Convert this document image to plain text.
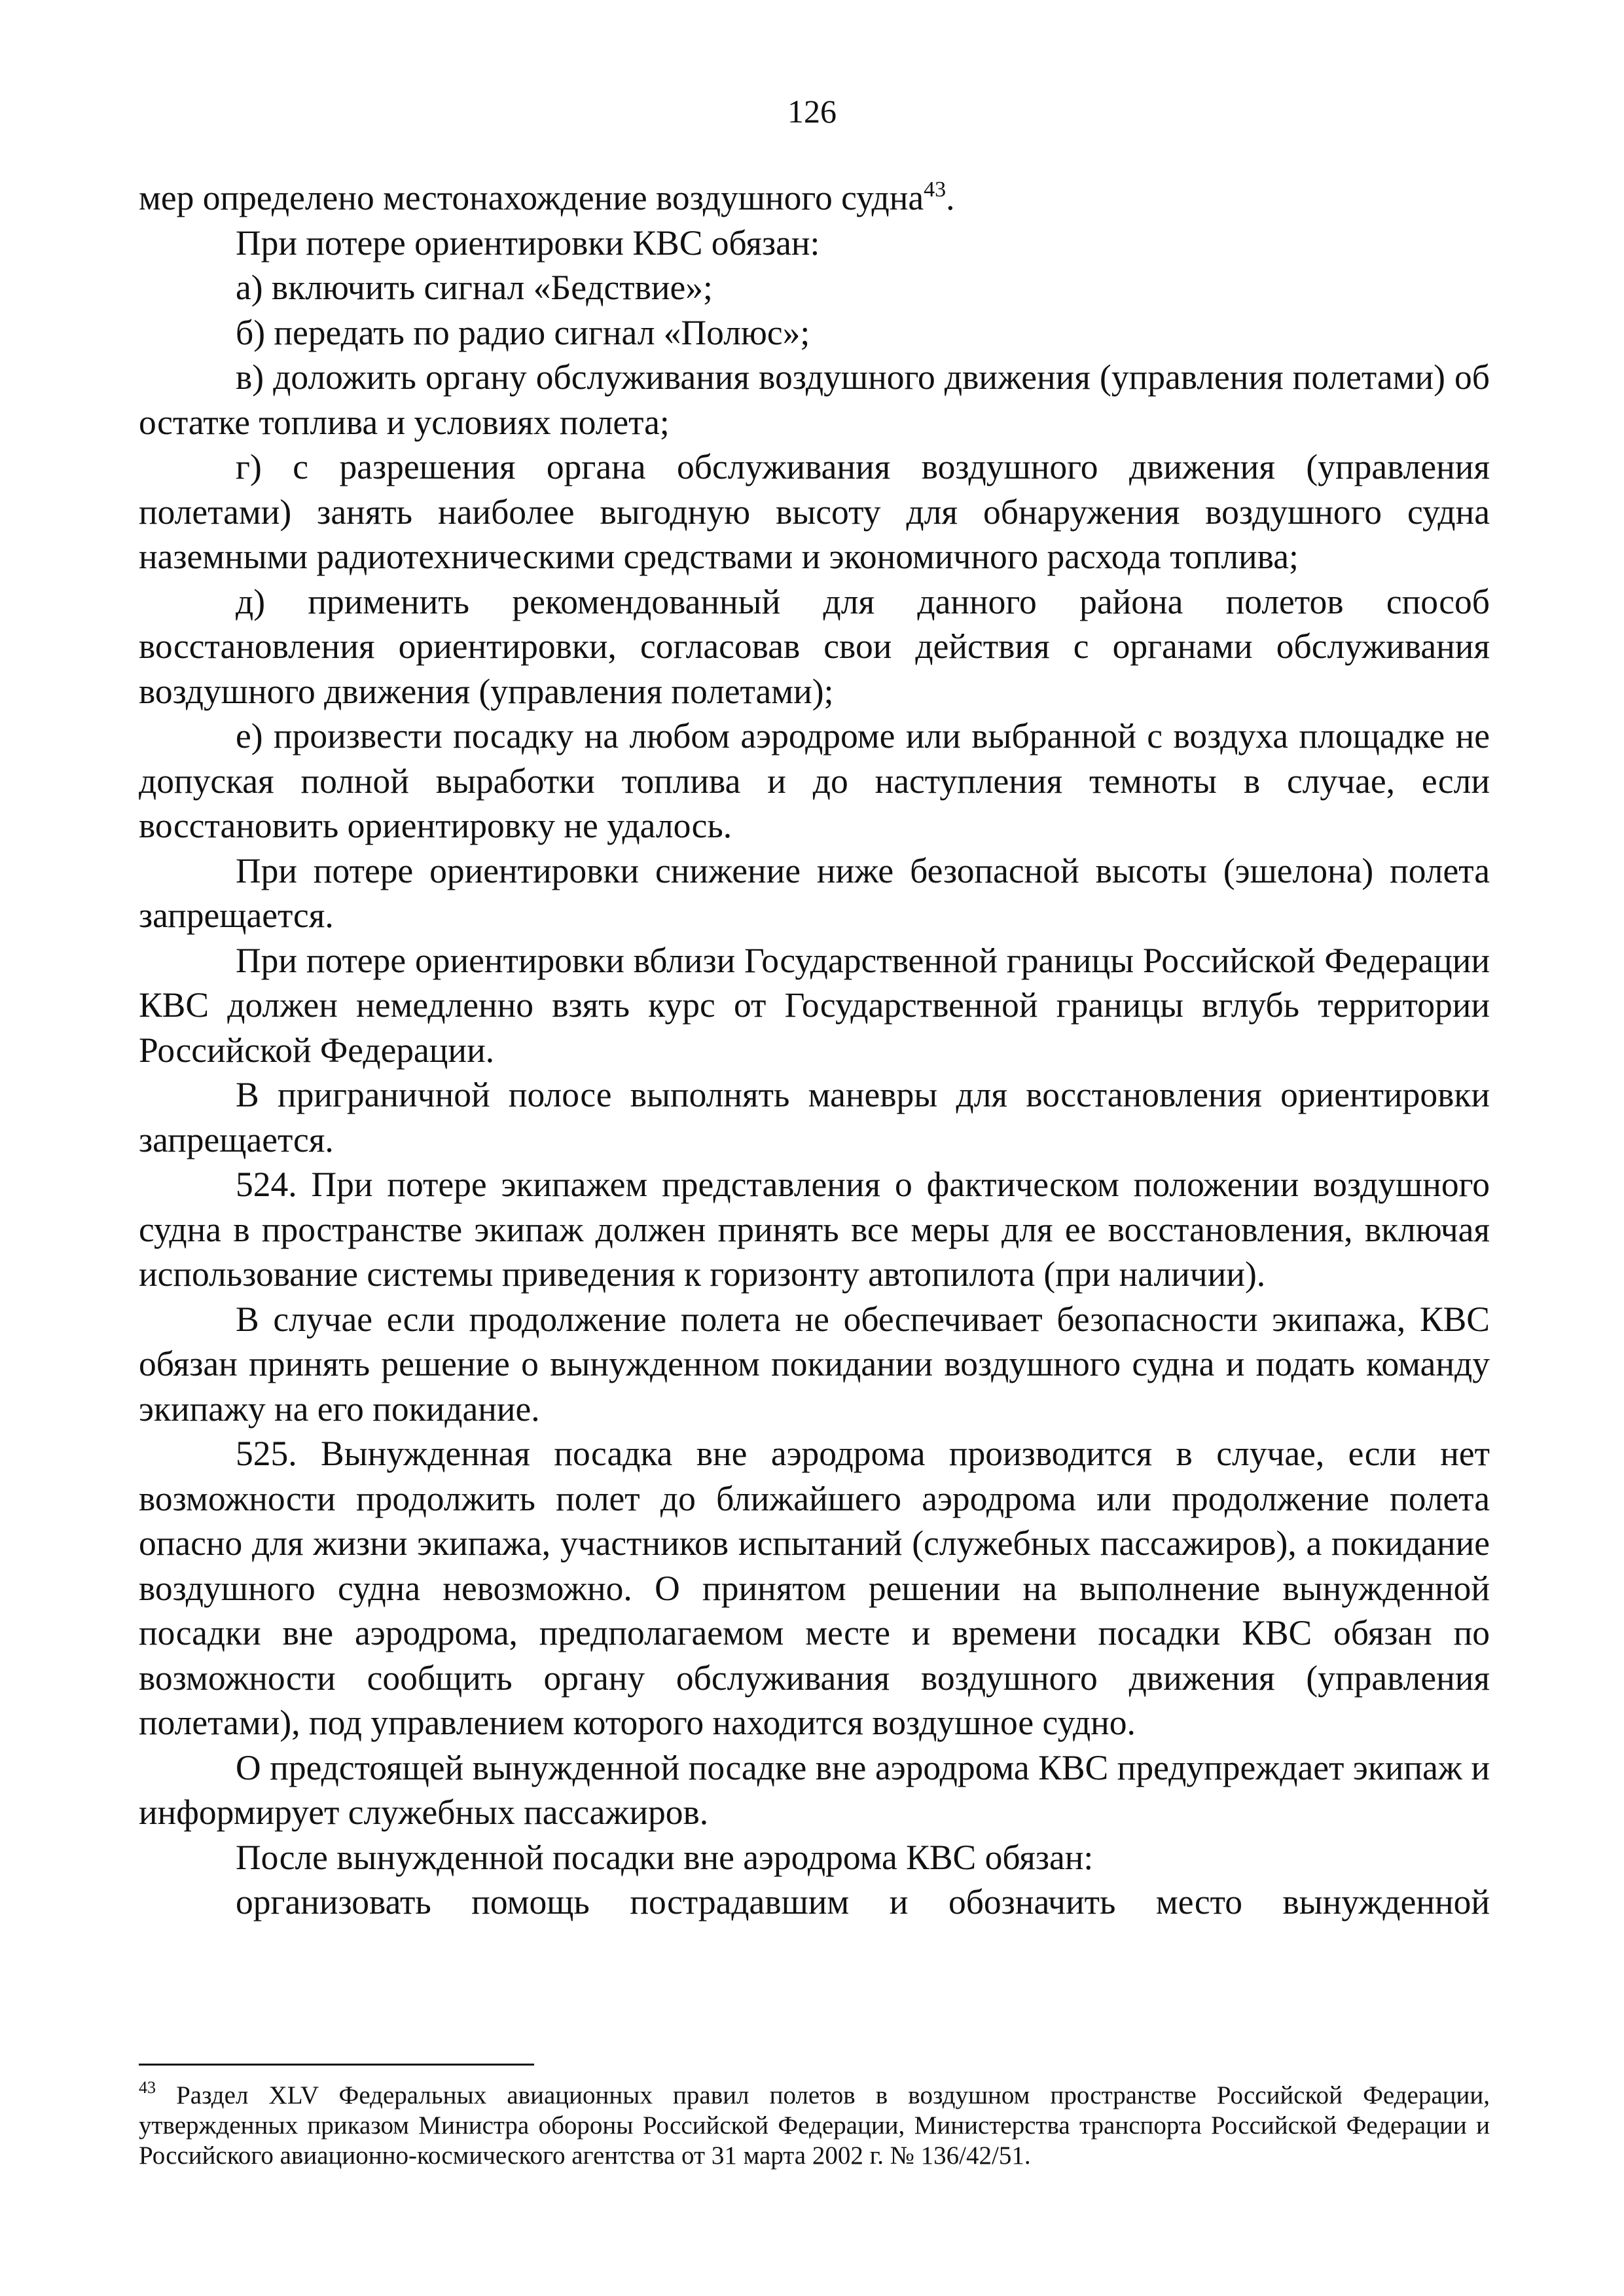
126

мер определено местонахождение воздушного судна$^{43}$.

При потере ориентировки КВС обязан:

а) включить сигнал «Бедствие»;

б) передать по радио сигнал «Полюс»;

в) доложить органу обслуживания воздушного движения (управления полетами) об остатке топлива и условиях полета;

г) с разрешения органа обслуживания воздушного движения (управления полетами) занять наиболее выгодную высоту для обнаружения воздушного судна наземными радиотехническими средствами и экономичного расхода топлива;

д) применить рекомендованный для данного района полетов способ восстановления ориентировки, согласовав свои действия с органами обслуживания воздушного движения (управления полетами);

е) произвести посадку на любом аэродроме или выбранной с воздуха площадке не допуская полной выработки топлива и до наступления темноты в случае, если восстановить ориентировку не удалось.

При потере ориентировки снижение ниже безопасной высоты (эшелона) полета запрещается.

При потере ориентировки вблизи Государственной границы Российской Федерации КВС должен немедленно взять курс от Государственной границы вглубь территории Российской Федерации.

В приграничной полосе выполнять маневры для восстановления ориентировки запрещается.

524. При потере экипажем представления о фактическом положении воздушного судна в пространстве экипаж должен принять все меры для ее восстановления, включая использование системы приведения к горизонту автопилота (при наличии).

В случае если продолжение полета не обеспечивает безопасности экипажа, КВС обязан принять решение о вынужденном покидании воздушного судна и подать команду экипажу на его покидание.

525. Вынужденная посадка вне аэродрома производится в случае, если нет возможности продолжить полет до ближайшего аэродрома или продолжение полета опасно для жизни экипажа, участников испытаний (служебных пассажиров), а покидание воздушного судна невозможно. О принятом решении на выполнение вынужденной посадки вне аэродрома, предполагаемом месте и времени посадки КВС обязан по возможности сообщить органу обслуживания воздушного движения (управления полетами), под управлением которого находится воздушное судно.

О предстоящей вынужденной посадке вне аэродрома КВС предупреждает экипаж и информирует служебных пассажиров.

После вынужденной посадки вне аэродрома КВС обязан:

организовать помощь пострадавшим и обозначить место вынужденной

$^{43}$ Раздел XLV Федеральных авиационных правил полетов в воздушном пространстве Российской Федерации, утвержденных приказом Министра обороны Российской Федерации, Министерства транспорта Российской Федерации и Российского авиационно-космического агентства от 31 марта 2002 г. № 136/42/51.
